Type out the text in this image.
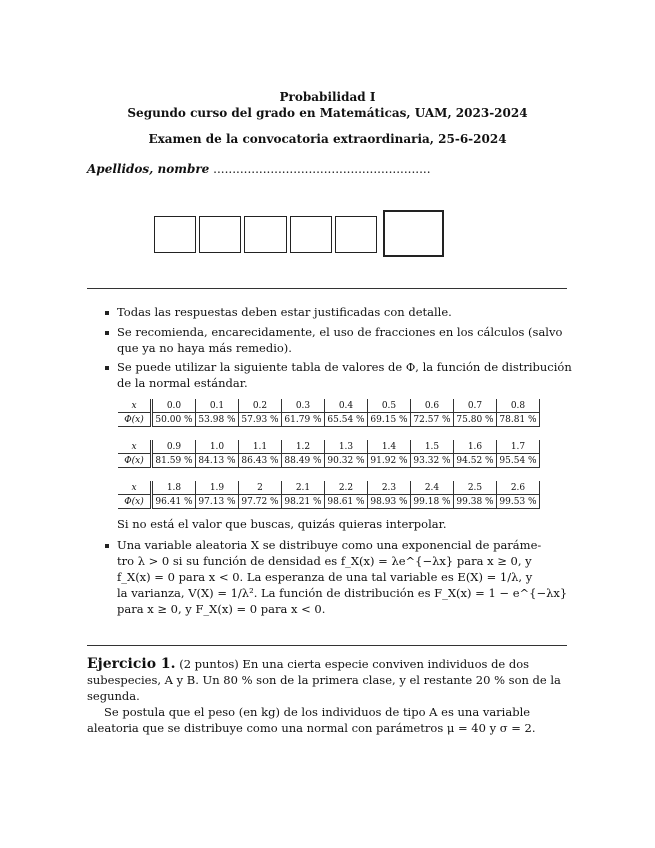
Probabilidad I
Segundo curso del grado en Matemáticas, UAM, 2023-2024
Examen de la convocatoria extraordinaria, 25-6-2024
Apellidos, nombre .........................................................
Todas las respuestas deben estar justificadas con detalle.
Se recomienda, encarecidamente, el uso de fracciones en los cálculos (salvo
que ya no haya más remedio).
Se puede utilizar la siguiente tabla de valores de Φ, la función de distribución
de la normal estándar.
x	0.0	0.1	0.2	0.3	0.4	0.5	0.6	0.7	0.8
Φ(x)	50.00 %	53.98 %	57.93 %	61.79 %	65.54 %	69.15 %	72.57 %	75.80 %	78.81 %
x	0.9	1.0	1.1	1.2	1.3	1.4	1.5	1.6	1.7
Φ(x)	81.59 %	84.13 %	86.43 %	88.49 %	90.32 %	91.92 %	93.32 %	94.52 %	95.54 %
x	1.8	1.9	2	2.1	2.2	2.3	2.4	2.5	2.6
Φ(x)	96.41 %	97.13 %	97.72 %	98.21 %	98.61 %	98.93 %	99.18 %	99.38 %	99.53 %
Si no está el valor que buscas, quizás quieras interpolar.
Una variable aleatoria X se distribuye como una exponencial de paráme-
tro λ > 0 si su función de densidad es f_X(x) = λe^{−λx} para x ≥ 0, y
f_X(x) = 0 para x < 0. La esperanza de una tal variable es E(X) = 1/λ, y
la varianza, V(X) = 1/λ². La función de distribución es F_X(x) = 1 − e^{−λx}
para x ≥ 0, y F_X(x) = 0 para x < 0.
Ejercicio 1. (2 puntos) En una cierta especie conviven individuos de dos
subespecies, A y B. Un 80 % son de la primera clase, y el restante 20 % son de la
segunda.
Se postula que el peso (en kg) de los individuos de tipo A es una variable
aleatoria que se distribuye como una normal con parámetros μ = 40 y σ = 2.
